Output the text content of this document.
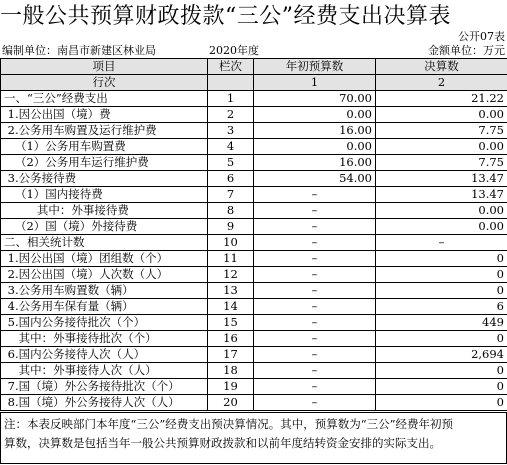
一般公共预算财政拨款“三公”经费支出决算表
公开07表
编制单位：南昌市新建区林业局	2020年度	金额单位：万元
项目	栏次	年初预算数	决算数
行次		1	2
一、“三公”经费支出	1	70.00	21.22
1.因公出国（境）费	2	0.00	0.00
2.公务用车购置及运行维护费	3	16.00	7.75
（1）公务用车购置费	4	0.00	0.00
（2）公务用车运行维护费	5	16.00	7.75
3.公务接待费	6	54.00	13.47
（1）国内接待费	7	–	13.47
其中：外事接待费	8	–	0.00
（2）国（境）外接待费	9	–	0.00
二、相关统计数	10	–	–
1.因公出国（境）团组数（个）	11	–	0
2.因公出国（境）人次数（人）	12	–	0
3.公务用车购置数（辆）	13	–	0
4.公务用车保有量（辆）	14	–	6
5.国内公务接待批次（个）	15	–	449
其中：外事接待批次（个）	16	–	0
6.国内公务接待人次（人）	17	–	2,694
其中：外事接待人次（人）	18	–	0
7.国（境）外公务接待批次（个）	19	–	0
8.国（境）外公务接待人次（人）	20	–	0
注：本表反映部门本年度“三公”经费支出预决算情况。其中，预算数为“三公”经费年初预
算数，决算数是包括当年一般公共预算财政拨款和以前年度结转资金安排的实际支出。
